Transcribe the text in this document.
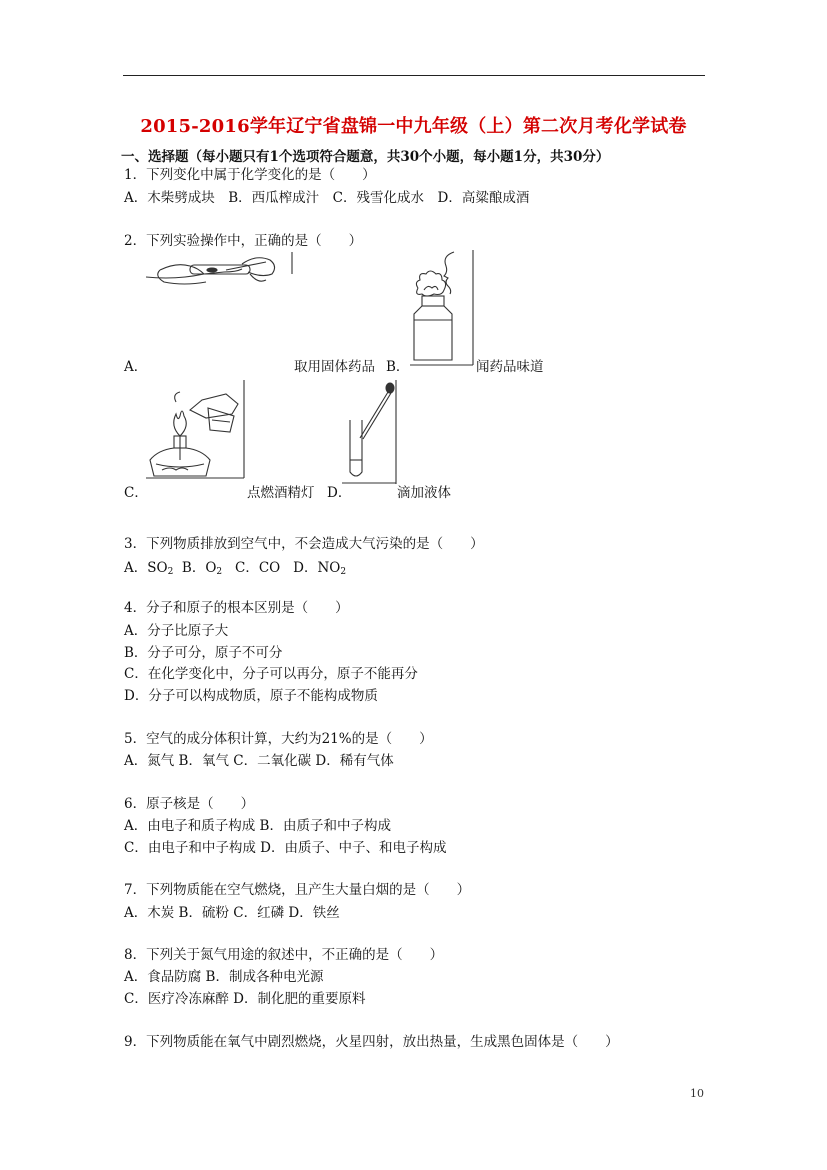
2015-2016学年辽宁省盘锦一中九年级（上）第二次月考化学试卷
一、选择题（每小题只有1个选项符合题意，共30个小题，每小题1分，共30分）
1．下列变化中属于化学变化的是（　　）
A．木柴劈成块　B．西瓜榨成汁　C．残雪化成水　D．高粱酿成酒
2．下列实验操作中，正确的是（　　）
A．	取用固体药品 B．	闻药品味道
C．	点燃酒精灯 D．	滴加液体
3．下列物质排放到空气中，不会造成大气污染的是（　　）
A．$SO_2$ B．$O_2$ C．CO D．$NO_2$
4．分子和原子的根本区别是（　　）
A．分子比原子大
B．分子可分，原子不可分
C．在化学变化中，分子可以再分，原子不能再分
D．分子可以构成物质，原子不能构成物质
5．空气的成分体积计算，大约为21%的是（　　）
A．氮气 B．氧气 C．二氧化碳 D．稀有气体
6．原子核是（　　）
A．由电子和质子构成 B．由质子和中子构成
C．由电子和中子构成 D．由质子、中子、和电子构成
7．下列物质能在空气燃烧，且产生大量白烟的是（　　）
A．木炭 B．硫粉 C．红磷 D．铁丝
8．下列关于氮气用途的叙述中，不正确的是（　　）
A．食品防腐 B．制成各种电光源
C．医疗冷冻麻醉 D．制化肥的重要原料
9．下列物质能在氧气中剧烈燃烧，火星四射，放出热量，生成黑色固体是（　　）
10
